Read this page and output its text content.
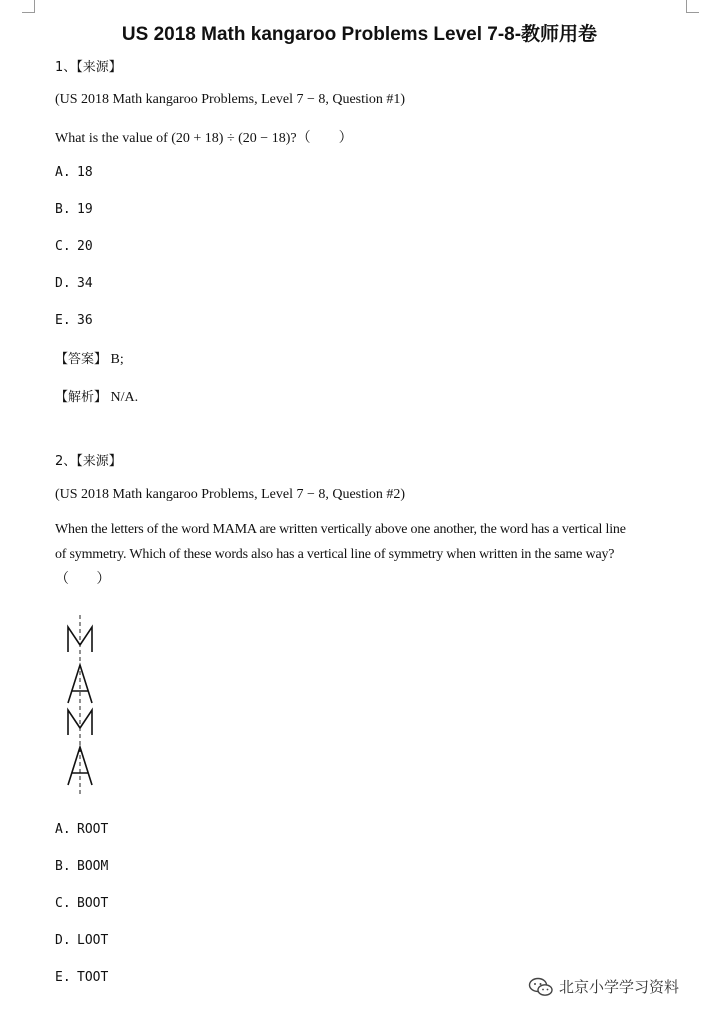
US 2018 Math kangaroo Problems Level 7-8-教师用卷
1、【来源】
(US 2018 Math kangaroo Problems, Level 7 − 8, Question #1)
What is the value of (20 + 18) ÷ (20 − 18)?（　　）
A. 18
B. 19
C. 20
D. 34
E. 36
【答案】 B;
【解析】 N/A.
2、【来源】
(US 2018 Math kangaroo Problems, Level 7 − 8, Question #2)
When the letters of the word MAMA are written vertically above one another, the word has a vertical line
of symmetry. Which of these words also has a vertical line of symmetry when written in the same way?
（　　）
A. ROOT
B. BOOM
C. BOOT
D. LOOT
E. TOOT
北京小学学习资料
